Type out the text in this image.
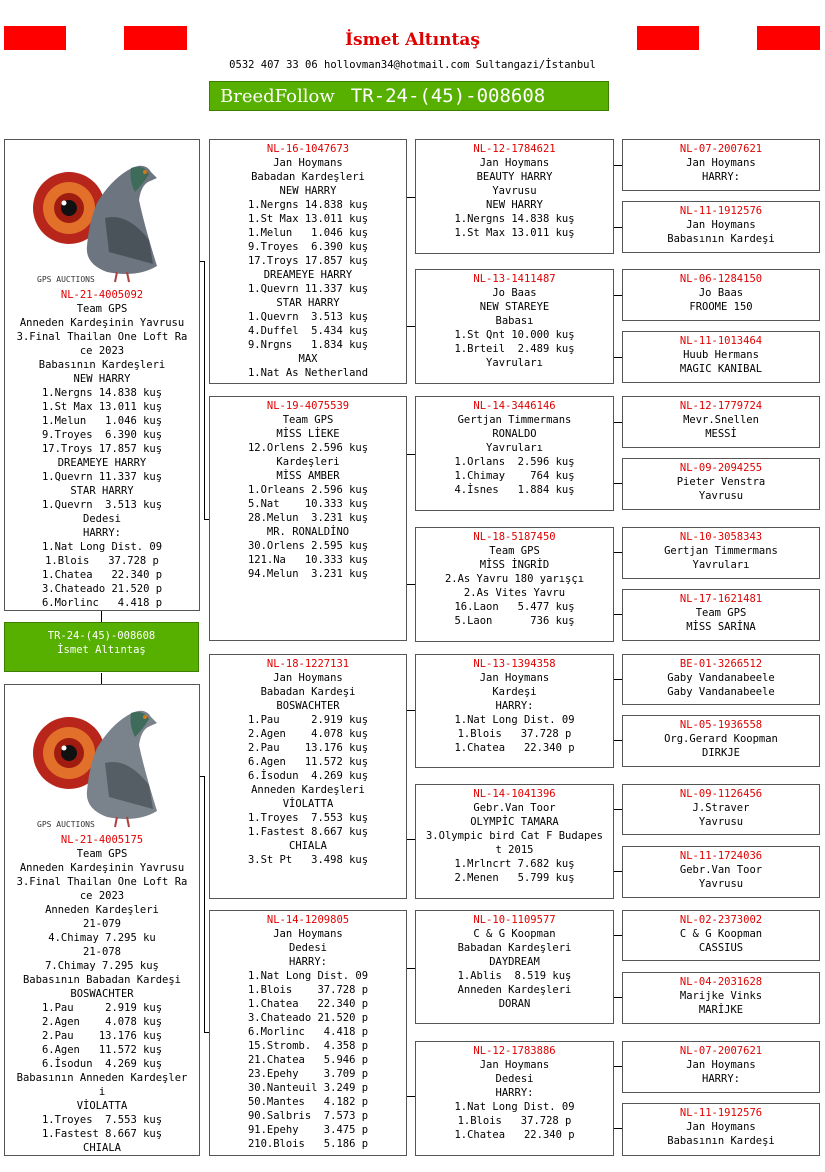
İsmet Altıntaş
0532 407 33 06 hollovman34@hotmail.com Sultangazi/İstanbul
BreedFollow TR-24-(45)-008608
GPS AUCTIONS
NL-21-4005092
Team GPS
Anneden Kardeşinin Yavrusu
3.Final Thailan One Loft Ra
ce 2023
Babasının Kardeşleri
NEW HARRY
1.Nergns 14.838 kuş
1.St Max 13.011 kuş
1.Melun   1.046 kuş
9.Troyes  6.390 kuş
17.Troys 17.857 kuş
DREAMEYE HARRY
1.Quevrn 11.337 kuş
STAR HARRY
1.Quevrn  3.513 kuş
Dedesi
HARRY:
1.Nat Long Dist. 09
1.Blois   37.728 p
1.Chatea   22.340 p
3.Chateado 21.520 p
6.Morlinc   4.418 p
TR-24-(45)-008608
İsmet Altıntaş
GPS AUCTIONS
NL-21-4005175
Team GPS
Anneden Kardeşinin Yavrusu
3.Final Thailan One Loft Ra
ce 2023
Anneden Kardeşleri
21-079
4.Chimay 7.295 ku
21-078
7.Chimay 7.295 kuş
Babasının Babadan Kardeşi
BOSWACHTER
1.Pau     2.919 kuş
2.Agen    4.078 kuş
2.Pau    13.176 kuş
6.Agen   11.572 kuş
6.İsodun  4.269 kuş
Babasının Anneden Kardeşler
i
VİOLATTA
1.Troyes  7.553 kuş
1.Fastest 8.667 kuş
CHIALA
NL-16-1047673
Jan Hoymans
Babadan Kardeşleri
NEW HARRY
1.Nergns 14.838 kuş
1.St Max 13.011 kuş
1.Melun   1.046 kuş
9.Troyes  6.390 kuş
17.Troys 17.857 kuş
DREAMEYE HARRY
1.Quevrn 11.337 kuş
STAR HARRY
1.Quevrn  3.513 kuş
4.Duffel  5.434 kuş
9.Nrgns   1.834 kuş
MAX
1.Nat As Netherland
NL-19-4075539
Team GPS
MİSS LİEKE
12.Orlens 2.596 kuş
Kardeşleri
MİSS AMBER
1.Orleans 2.596 kuş
5.Nat    10.333 kuş
28.Melun  3.231 kuş
MR. RONALDİNO
30.Orlens 2.595 kuş
121.Na   10.333 kuş
94.Melun  3.231 kuş
NL-18-1227131
Jan Hoymans
Babadan Kardeşi
BOSWACHTER
1.Pau     2.919 kuş
2.Agen    4.078 kuş
2.Pau    13.176 kuş
6.Agen   11.572 kuş
6.İsodun  4.269 kuş
Anneden Kardeşleri
VİOLATTA
1.Troyes  7.553 kuş
1.Fastest 8.667 kuş
CHIALA
3.St Pt   3.498 kuş
NL-14-1209805
Jan Hoymans
Dedesi
HARRY:
1.Nat Long Dist. 09
1.Blois    37.728 p
1.Chatea   22.340 p
3.Chateado 21.520 p
6.Morlinc   4.418 p
15.Stromb.  4.358 p
21.Chatea   5.946 p
23.Epehy    3.709 p
30.Nanteuil 3.249 p
50.Mantes   4.182 p
90.Salbris  7.573 p
91.Epehy    3.475 p
210.Blois   5.186 p
NL-12-1784621
Jan Hoymans
BEAUTY HARRY
Yavrusu
NEW HARRY
1.Nergns 14.838 kuş
1.St Max 13.011 kuş
NL-13-1411487
Jo Baas
NEW STAREYE
Babası
1.St Qnt 10.000 kuş
1.Brteil  2.489 kuş
Yavruları
NL-14-3446146
Gertjan Timmermans
RONALDO
Yavruları
1.Orlans  2.596 kuş
1.Chimay    764 kuş
4.İsnes   1.884 kuş
NL-18-5187450
Team GPS
MİSS İNGRİD
2.As Yavru 180 yarışçı
2.As Vites Yavru
16.Laon   5.477 kuş
5.Laon      736 kuş
NL-13-1394358
Jan Hoymans
Kardeşi
HARRY:
1.Nat Long Dist. 09
1.Blois   37.728 p
1.Chatea   22.340 p
NL-14-1041396
Gebr.Van Toor
OLYMPİC TAMARA
3.Olympic bird Cat F Budapes
t 2015
1.Mrlncrt 7.682 kuş
2.Menen   5.799 kuş
NL-10-1109577
C & G Koopman
Babadan Kardeşleri
DAYDREAM
1.Ablis  8.519 kuş
Anneden Kardeşleri
DORAN
NL-12-1783886
Jan Hoymans
Dedesi
HARRY:
1.Nat Long Dist. 09
1.Blois   37.728 p
1.Chatea   22.340 p
NL-07-2007621
Jan Hoymans
HARRY:
NL-11-1912576
Jan Hoymans
Babasının Kardeşi
NL-06-1284150
Jo Baas
FROOME 150
NL-11-1013464
Huub Hermans
MAGIC KANIBAL
NL-12-1779724
Mevr.Snellen
MESSİ
NL-09-2094255
Pieter Venstra
Yavrusu
NL-10-3058343
Gertjan Timmermans
Yavruları
NL-17-1621481
Team GPS
MİSS SARİNA
BE-01-3266512
Gaby Vandanabeele
Gaby Vandanabeele
NL-05-1936558
Org.Gerard Koopman
DIRKJE
NL-09-1126456
J.Straver
Yavrusu
NL-11-1724036
Gebr.Van Toor
Yavrusu
NL-02-2373002
C & G Koopman
CASSIUS
NL-04-2031628
Marijke Vinks
MARİJKE
NL-07-2007621
Jan Hoymans
HARRY:
NL-11-1912576
Jan Hoymans
Babasının Kardeşi
